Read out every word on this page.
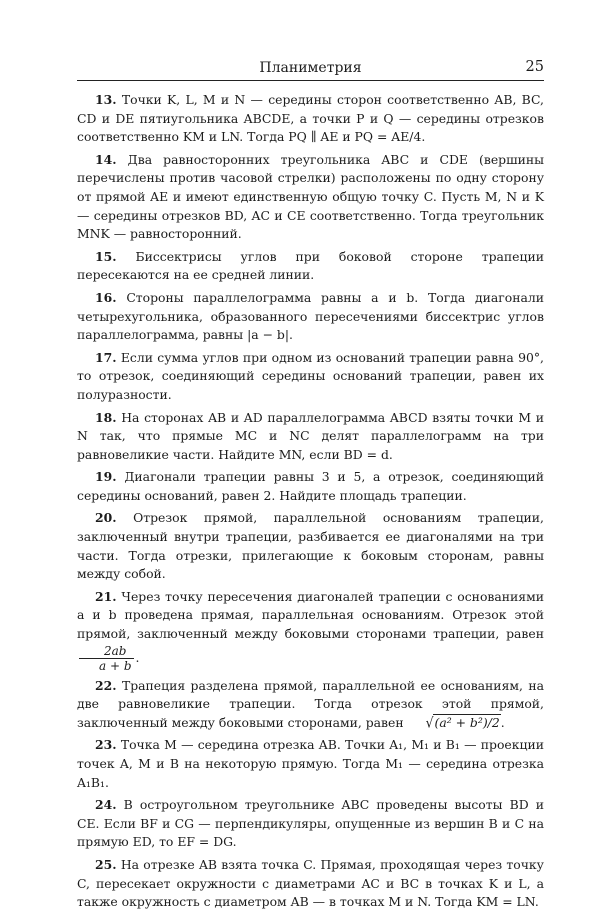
Планиметрия	25

13. Точки K, L, M и N — середины сторон соответственно AB, BC, CD и DE пятиугольника ABCDE, а точки P и Q — середины отрезков соответственно KM и LN. Тогда PQ ∥ AE и PQ = AE/4.

14. Два равносторонних треугольника ABC и CDE (вершины перечислены против часовой стрелки) расположены по одну сторону от прямой AE и имеют единственную общую точку C. Пусть M, N и K — середины отрезков BD, AC и CE соответственно. Тогда треугольник MNK — равносторонний.

15. Биссектрисы углов при боковой стороне трапеции пересекаются на ее средней линии.

16. Стороны параллелограмма равны a и b. Тогда диагонали четырехугольника, образованного пересечениями биссектрис углов параллелограмма, равны |a − b|.

17. Если сумма углов при одном из оснований трапеции равна 90°, то отрезок, соединяющий середины оснований трапеции, равен их полуразности.

18. На сторонах AB и AD параллелограмма ABCD взяты точки M и N так, что прямые MC и NC делят параллелограмм на три равновеликие части. Найдите MN, если BD = d.

19. Диагонали трапеции равны 3 и 5, а отрезок, соединяющий середины оснований, равен 2. Найдите площадь трапеции.

20. Отрезок прямой, параллельной основаниям трапеции, заключенный внутри трапеции, разбивается ее диагоналями на три части. Тогда отрезки, прилегающие к боковым сторонам, равны между собой.

21. Через точку пересечения диагоналей трапеции с основаниями a и b проведена прямая, параллельная основаниям. Отрезок этой прямой, заключенный между боковыми сторонами трапеции, равен
$\frac{2ab}{a + b}$ .

22. Трапеция разделена прямой, параллельной ее основаниям, на две равновеликие трапеции. Тогда отрезок этой прямой, заключенный между боковыми сторонами, равен √(a² + b²)/2.

23. Точка M — середина отрезка AB. Точки A₁, M₁ и B₁ — проекции точек A, M и B на некоторую прямую. Тогда M₁ — середина отрезка A₁B₁.

24. В остроугольном треугольнике ABC проведены высоты BD и CE. Если BF и CG — перпендикуляры, опущенные из вершин B и C на прямую ED, то EF = DG.

25. На отрезке AB взята точка C. Прямая, проходящая через точку C, пересекает окружности с диаметрами AC и BC в точках K и L, а также окружность с диаметром AB — в точках M и N. Тогда KM = LN.
